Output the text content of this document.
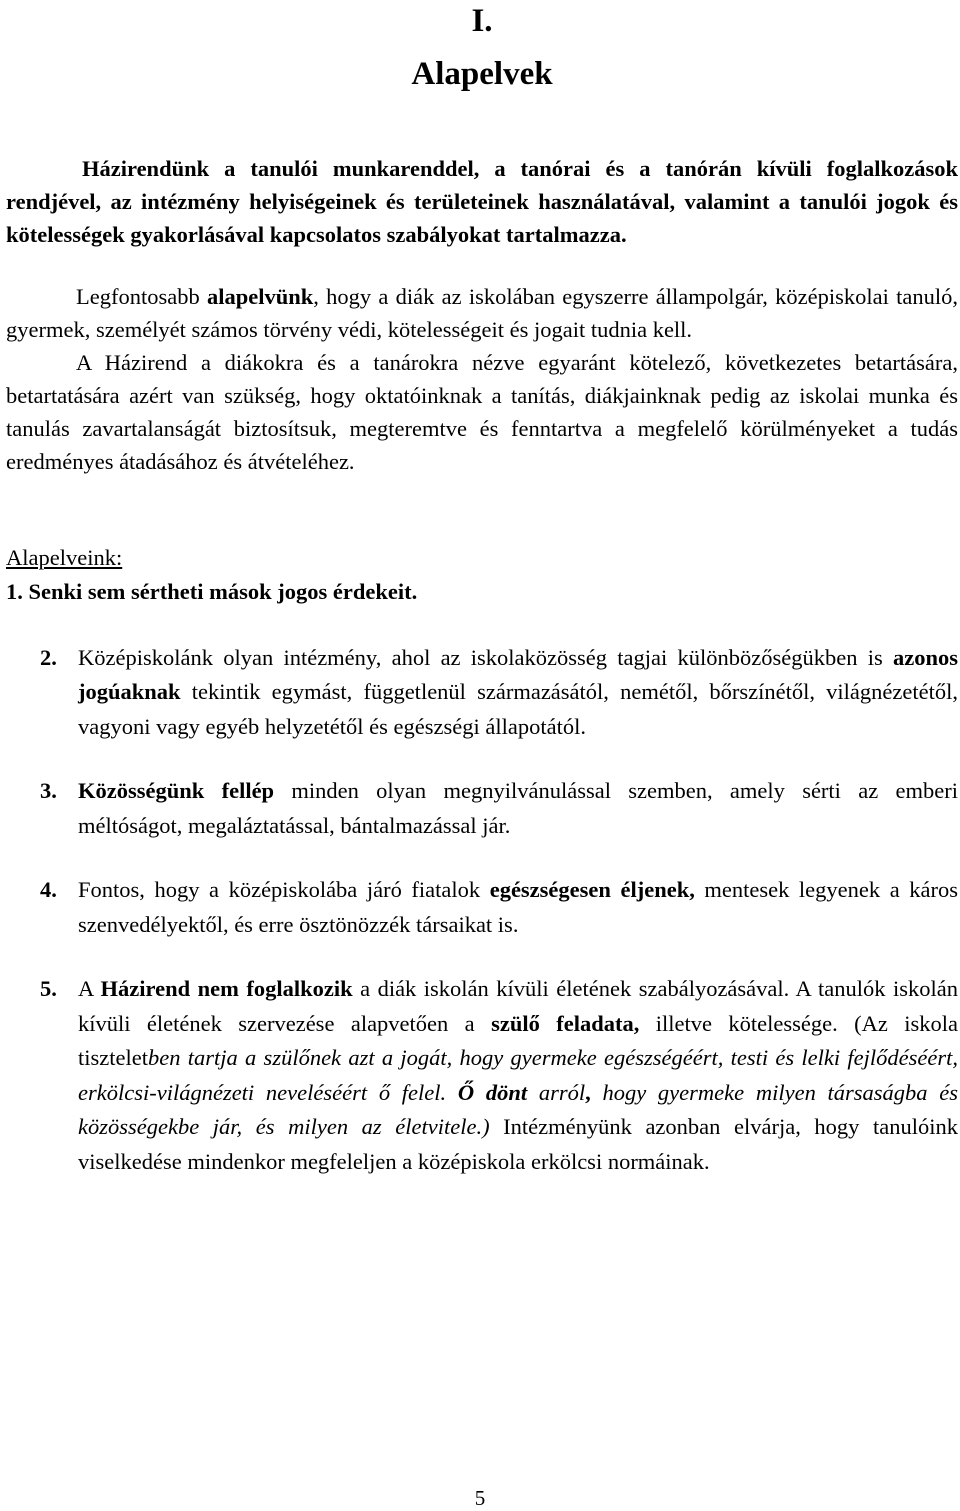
I.
Alapelvek

Házirendünk a tanulói munkarenddel, a tanórai és a tanórán kívüli foglalkozások rendjével, az intézmény helyiségeinek és területeinek használatával, valamint a tanulói jogok és kötelességek gyakorlásával kapcsolatos szabályokat tartalmazza.

Legfontosabb alapelvünk, hogy a diák az iskolában egyszerre állampolgár, középiskolai tanuló, gyermek, személyét számos törvény védi, kötelességeit és jogait tudnia kell.

A Házirend a diákokra és a tanárokra nézve egyaránt kötelező, következetes betartására, betartatására azért van szükség, hogy oktatóinknak a tanítás, diákjainknak pedig az iskolai munka és tanulás zavartalanságát biztosítsuk, megteremtve és fenntartva a megfelelő körülményeket a tudás eredményes átadásához és átvételéhez.

Alapelveink:

1. Senki sem sértheti mások jogos érdekeit.

2. Középiskolánk olyan intézmény, ahol az iskolaközösség tagjai különbözőségükben is azonos jogúaknak tekintik egymást, függetlenül származásától, nemétől, bőrszínétől, világnézetétől, vagyoni vagy egyéb helyzetétől és egészségi állapotától.
3. Közösségünk fellép minden olyan megnyilvánulással szemben, amely sérti az emberi méltóságot, megaláztatással, bántalmazással jár.
4. Fontos, hogy a középiskolába járó fiatalok egészségesen éljenek, mentesek legyenek a káros szenvedélyektől, és erre ösztönözzék társaikat is.
5. A Házirend nem foglalkozik a diák iskolán kívüli életének szabályozásával. A tanulók iskolán kívüli életének szervezése alapvetően a szülő feladata, illetve kötelessége. (Az iskola tiszteletben tartja a szülőnek azt a jogát, hogy gyermeke egészségéért, testi és lelki fejlődéséért, erkölcsi-világnézeti neveléséért ő felel. Ő dönt arról, hogy gyermeke milyen társaságba és közösségekbe jár, és milyen az életvitele.) Intézményünk azonban elvárja, hogy tanulóink viselkedése mindenkor megfeleljen a középiskola erkölcsi normáinak.
5
